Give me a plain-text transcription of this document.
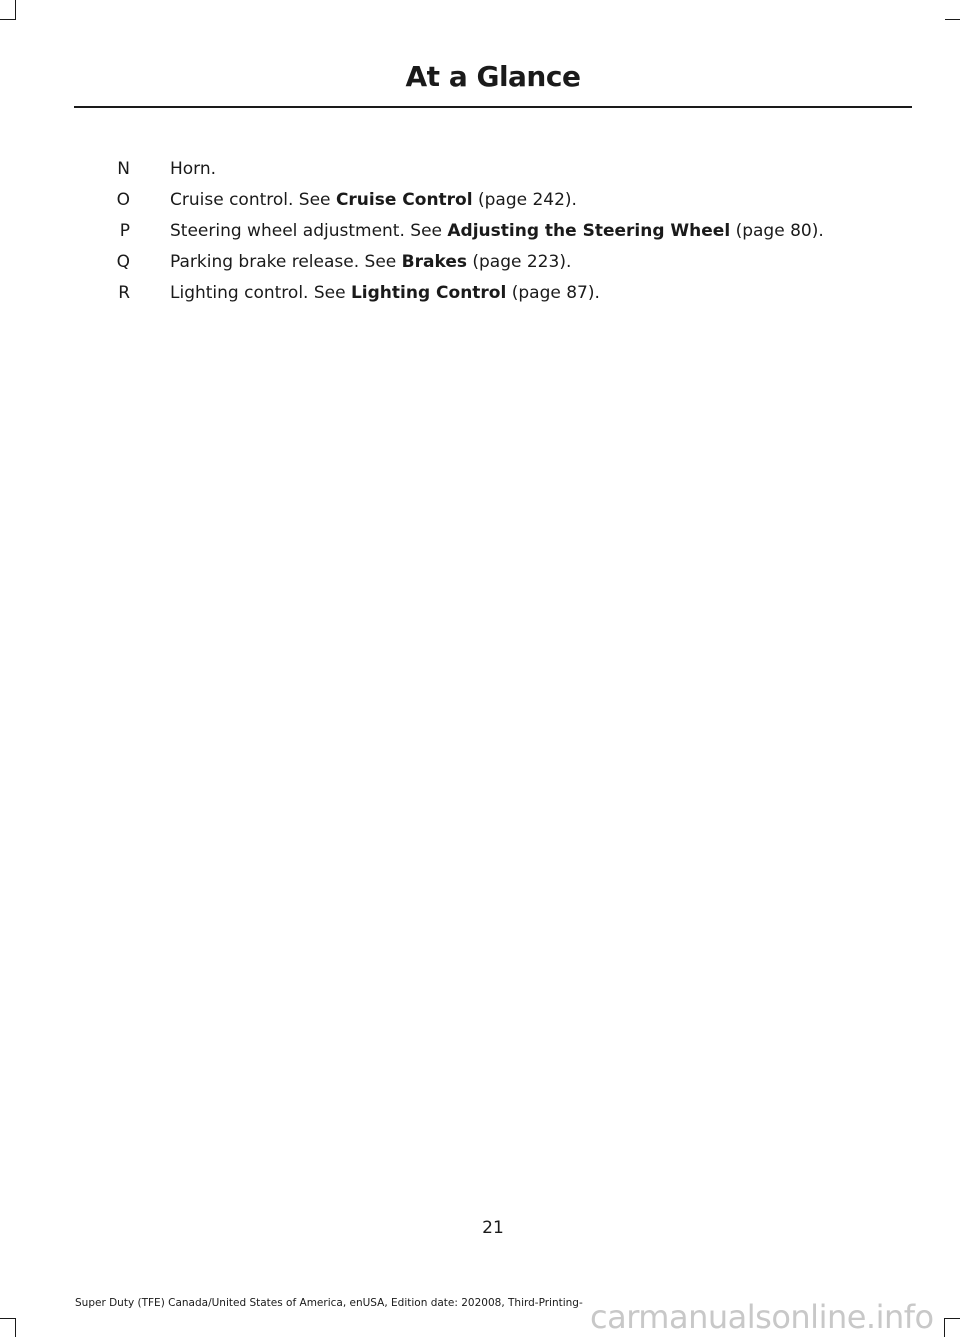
At a Glance
N Horn.
O Cruise control. See Cruise Control (page 242).
P Steering wheel adjustment. See Adjusting the Steering Wheel (page 80).
Q Parking brake release. See Brakes (page 223).
R Lighting control. See Lighting Control (page 87).
21
Super Duty (TFE) Canada/United States of America, enUSA, Edition date: 202008, Third-Printing- carmanualsonline.info
